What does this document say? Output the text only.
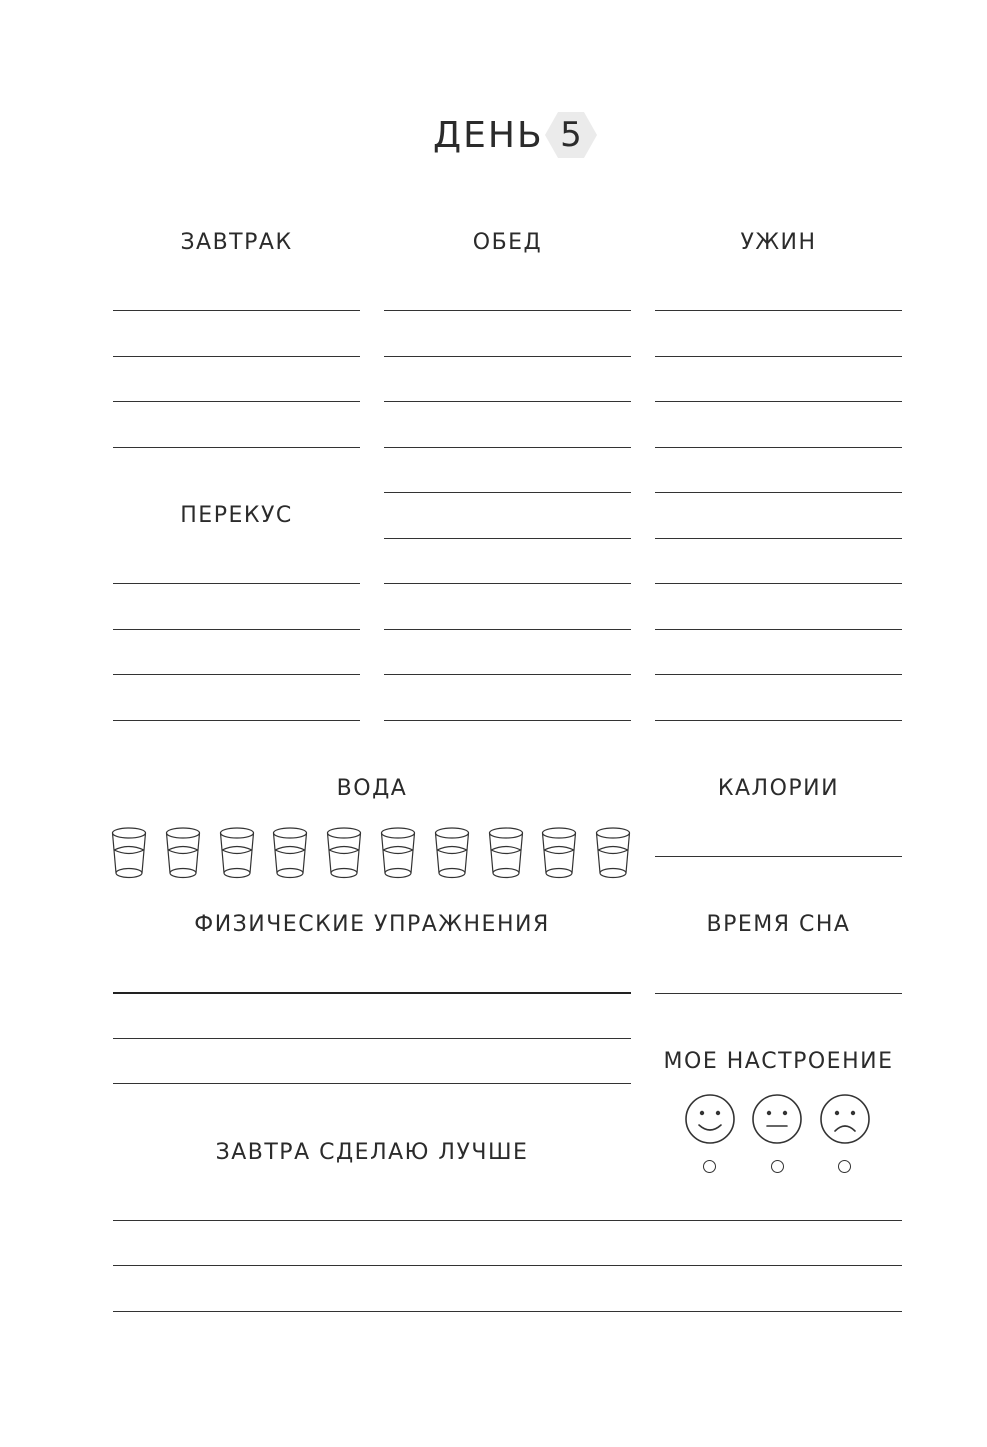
ДЕНЬ 5
ЗАВТРАК	ОБЕД	УЖИН
ПЕРЕКУС
ВОДА	КАЛОРИИ
ФИЗИЧЕСКИЕ УПРАЖНЕНИЯ	ВРЕМЯ СНА
МОЕ НАСТРОЕНИЕ
ЗАВТРА СДЕЛАЮ ЛУЧШЕ
